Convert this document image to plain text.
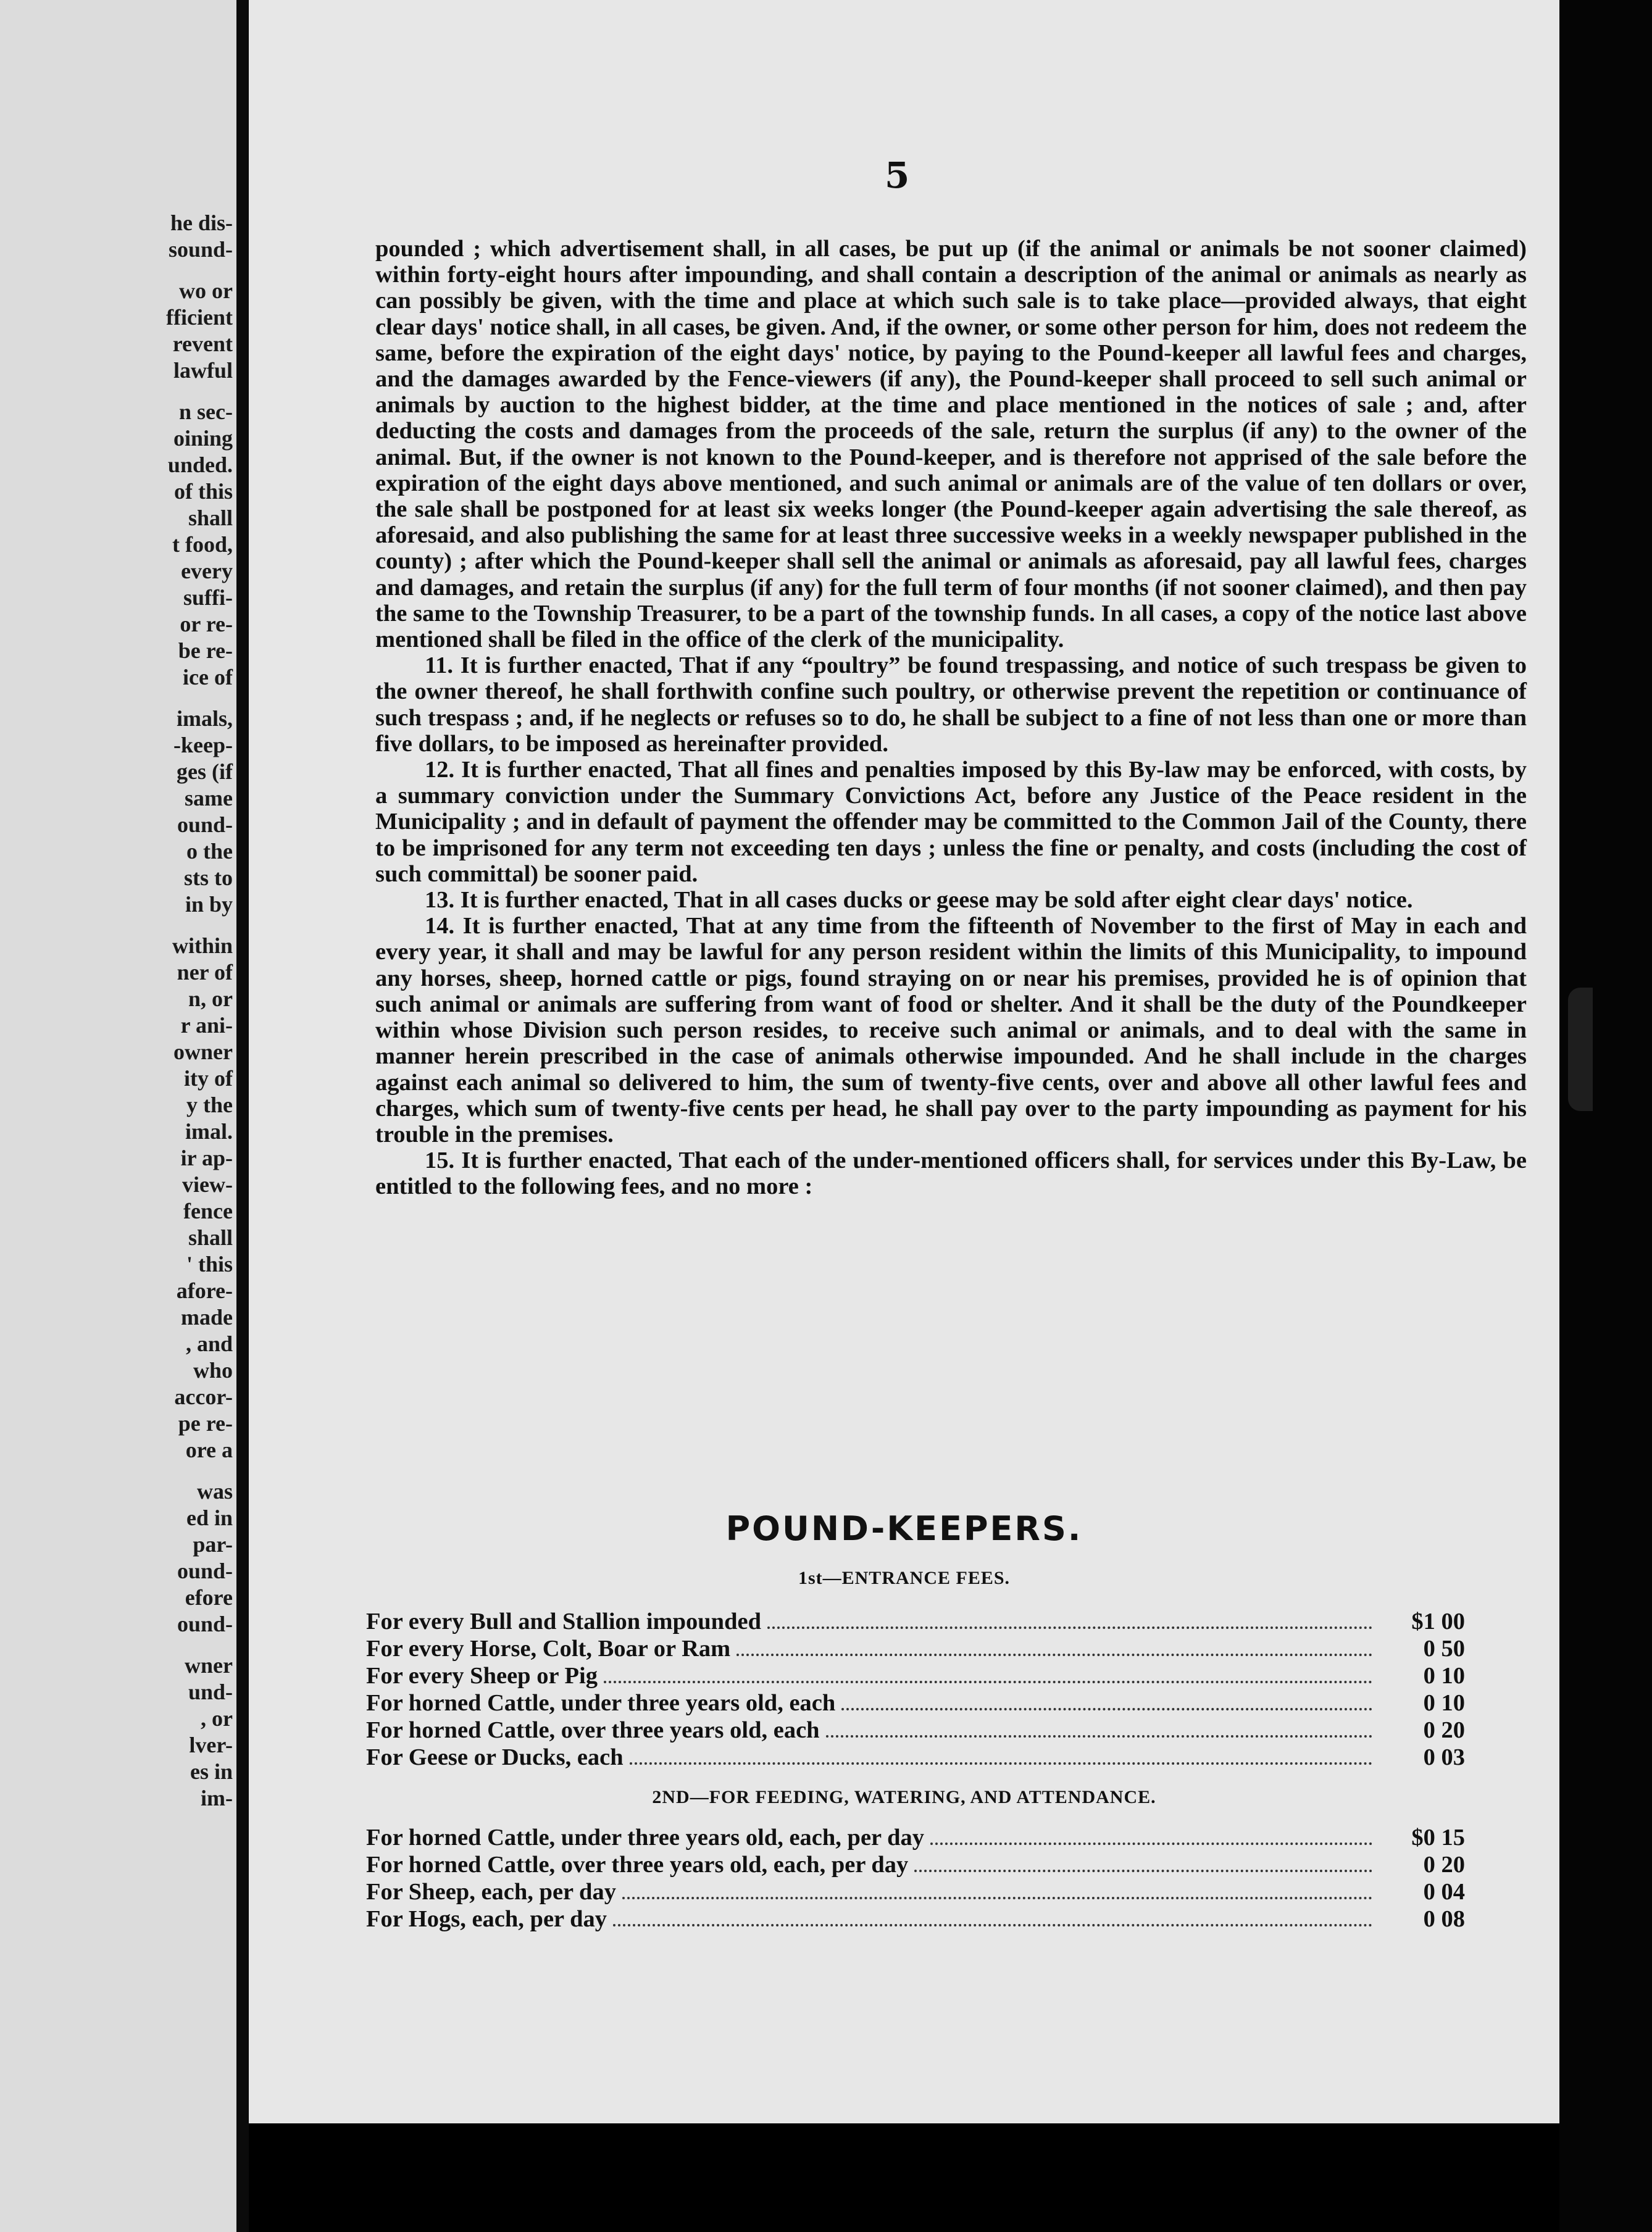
he dis-
sound-
wo or
fficient
revent
lawful
n sec-
oining
unded.
of this
shall
t food,
every
suffi-
or re-
be re-
ice of
imals,
-keep-
ges (if
same
ound-
o the
sts to
in by
within
ner of
n, or
r ani-
owner
ity of
y the
imal.
ir ap-
view-
fence
shall
' this
afore-
made
, and
who
accor-
pe re-
ore a
was
ed in
par-
ound-
efore
ound-
wner
und-
, or
lver-
es in
im-
5

pounded ; which advertisement shall, in all cases, be put up (if the animal or animals be not sooner claimed) within forty-eight hours after impounding, and shall contain a description of the animal or animals as nearly as can possibly be given, with the time and place at which such sale is to take place—provided always, that eight clear days' notice shall, in all cases, be given. And, if the owner, or some other person for him, does not redeem the same, before the expiration of the eight days' notice, by paying to the Pound-keeper all lawful fees and charges, and the damages awarded by the Fence-viewers (if any), the Pound-keeper shall proceed to sell such animal or animals by auction to the highest bidder, at the time and place mentioned in the notices of sale ; and, after deducting the costs and damages from the proceeds of the sale, return the surplus (if any) to the owner of the animal. But, if the owner is not known to the Pound-keeper, and is therefore not apprised of the sale before the expiration of the eight days above mentioned, and such animal or animals are of the value of ten dollars or over, the sale shall be postponed for at least six weeks longer (the Pound-keeper again advertising the sale thereof, as aforesaid, and also publishing the same for at least three successive weeks in a weekly newspaper published in the county) ; after which the Pound-keeper shall sell the animal or animals as aforesaid, pay all lawful fees, charges and damages, and retain the surplus (if any) for the full term of four months (if not sooner claimed), and then pay the same to the Township Treasurer, to be a part of the township funds. In all cases, a copy of the notice last above mentioned shall be filed in the office of the clerk of the municipality.

11. It is further enacted, That if any “poultry” be found trespassing, and notice of such trespass be given to the owner thereof, he shall forthwith confine such poultry, or otherwise prevent the repetition or continuance of such trespass ; and, if he neglects or refuses so to do, he shall be subject to a fine of not less than one or more than five dollars, to be imposed as hereinafter provided.

12. It is further enacted, That all fines and penalties imposed by this By-law may be enforced, with costs, by a summary conviction under the Summary Convictions Act, before any Justice of the Peace resident in the Municipality ; and in default of payment the offender may be committed to the Common Jail of the County, there to be imprisoned for any term not exceeding ten days ; unless the fine or penalty, and costs (including the cost of such committal) be sooner paid.

13. It is further enacted, That in all cases ducks or geese may be sold after eight clear days' notice.

14. It is further enacted, That at any time from the fifteenth of November to the first of May in each and every year, it shall and may be lawful for any person resident within the limits of this Municipality, to impound any horses, sheep, horned cattle or pigs, found straying on or near his premises, provided he is of opinion that such animal or animals are suffering from want of food or shelter. And it shall be the duty of the Poundkeeper within whose Division such person resides, to receive such animal or animals, and to deal with the same in manner herein prescribed in the case of animals otherwise impounded. And he shall include in the charges against each animal so delivered to him, the sum of twenty-five cents, over and above all other lawful fees and charges, which sum of twenty-five cents per head, he shall pay over to the party impounding as payment for his trouble in the premises.

15. It is further enacted, That each of the under-mentioned officers shall, for services under this By-Law, be entitled to the following fees, and no more :

POUND-KEEPERS.
1st—ENTRANCE FEES.
For every Bull and Stallion impounded	$1 00
For every Horse, Colt, Boar or Ram	0 50
For every Sheep or Pig	0 10
For horned Cattle, under three years old, each	0 10
For horned Cattle, over three years old, each	0 20
For Geese or Ducks, each	0 03
2ND—FOR FEEDING, WATERING, AND ATTENDANCE.
For horned Cattle, under three years old, each, per day	$0 15
For horned Cattle, over three years old, each, per day	0 20
For Sheep, each, per day	0 04
For Hogs, each, per day	0 08
